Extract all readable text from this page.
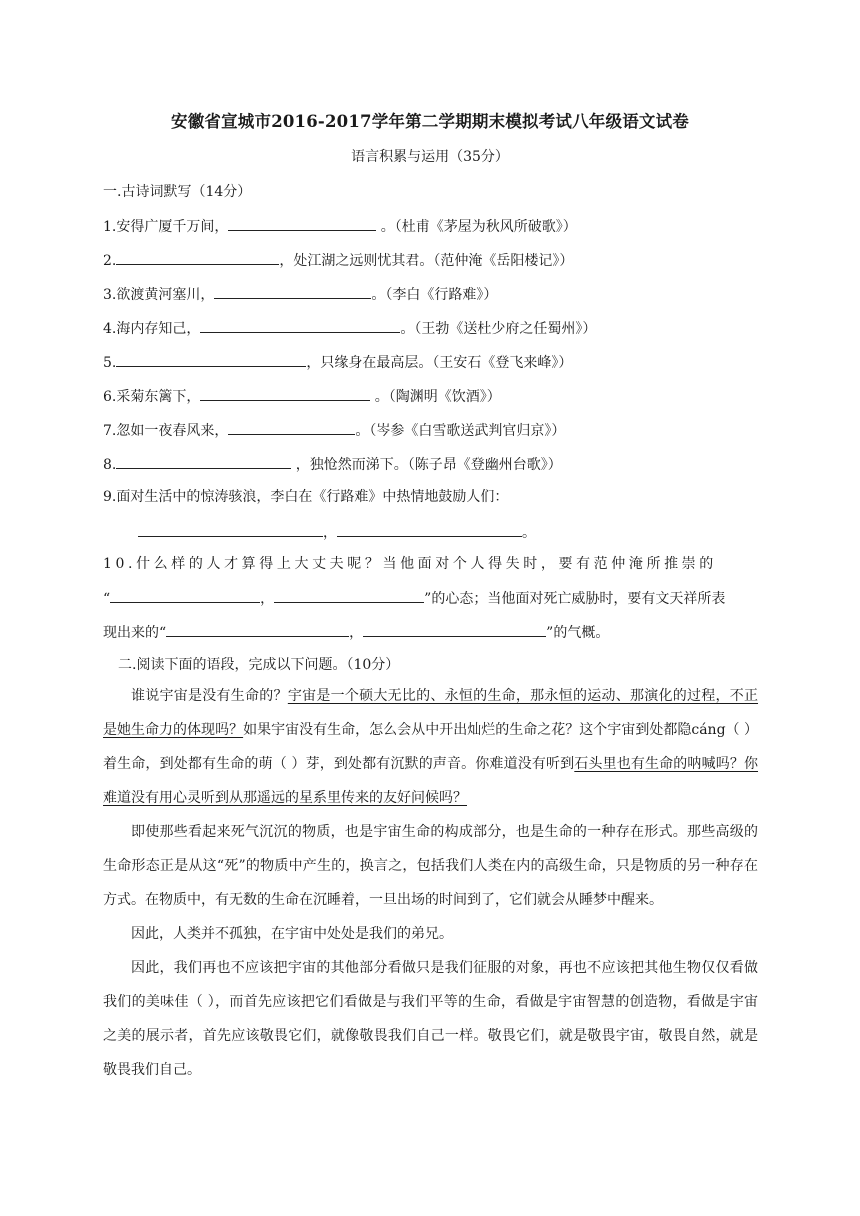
安徽省宣城市2016-2017学年第二学期期末模拟考试八年级语文试卷
语言积累与运用（35分）
一.古诗词默写（14分）
1.安得广厦千万间，	。（杜甫《茅屋为秋风所破歌》）
2.	，处江湖之远则忧其君。（范仲淹《岳阳楼记》）
3.欲渡黄河塞川，	。（李白《行路难》）
4.海内存知己，	。（王勃《送杜少府之任蜀州》）
5.	，只缘身在最高层。（王安石《登飞来峰》）
6.采菊东篱下，	。（陶渊明《饮酒》）
7.忽如一夜春风来，	。（岑参《白雪歌送武判官归京》）
8.	，独怆然而涕下。（陈子昂《登幽州台歌》）
9.面对生活中的惊涛骇浪，李白在《行路难》中热情地鼓励人们：
，	。
10.什么样的人才算得上大丈夫呢？当他面对个人得失时，要有范仲淹所推崇的
“	，	”的心态；当他面对死亡威胁时，要有文天祥所表
现出来的“	，	”的气概。
二.阅读下面的语段，完成以下问题。（10分）

谁说宇宙是没有生命的？宇宙是一个硕大无比的、永恒的生命，那永恒的运动、那演化的过程，不正是她生命力的体现吗？如果宇宙没有生命，怎么会从中开出灿烂的生命之花？这个宇宙到处都隐cáng（ ）着生命，到处都有生命的萌（ ）芽，到处都有沉默的声音。你难道没有听到石头里也有生命的呐喊吗？你难道没有用心灵听到从那遥远的星系里传来的友好问候吗？

即使那些看起来死气沉沉的物质，也是宇宙生命的构成部分，也是生命的一种存在形式。那些高级的生命形态正是从这“死”的物质中产生的，换言之，包括我们人类在内的高级生命，只是物质的另一种存在方式。在物质中，有无数的生命在沉睡着，一旦出场的时间到了，它们就会从睡梦中醒来。

因此，人类并不孤独，在宇宙中处处是我们的弟兄。

因此，我们再也不应该把宇宙的其他部分看做只是我们征服的对象，再也不应该把其他生物仅仅看做我们的美味佳（ ），而首先应该把它们看做是与我们平等的生命，看做是宇宙智慧的创造物，看做是宇宙之美的展示者，首先应该敬畏它们，就像敬畏我们自己一样。敬畏它们，就是敬畏宇宙，敬畏自然，就是敬畏我们自己。
